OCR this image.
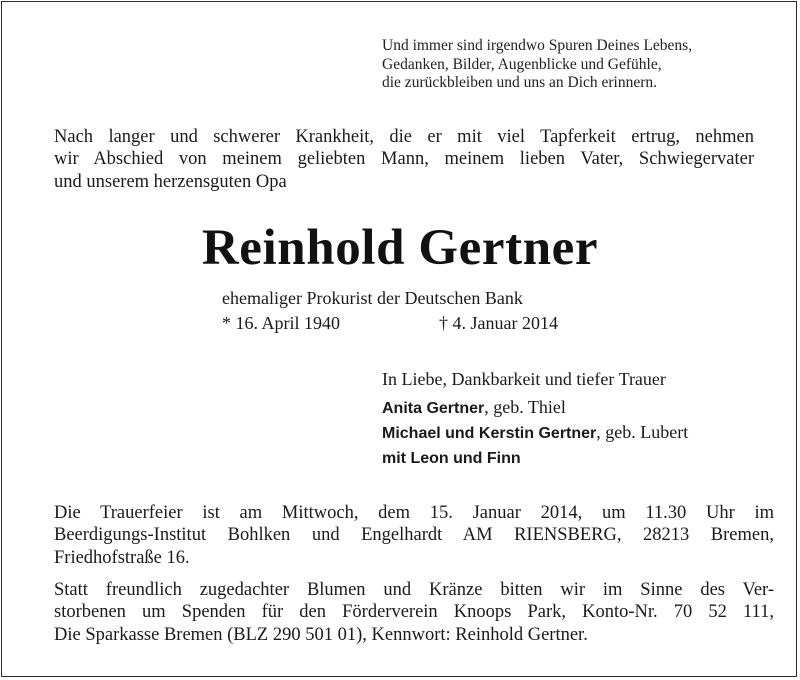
Und immer sind irgendwo Spuren Deines Lebens,
Gedanken, Bilder, Augenblicke und Gefühle,
die zurückbleiben und uns an Dich erinnern.
Nach langer und schwerer Krankheit, die er mit viel Tapferkeit ertrug, nehmen
wir Abschied von meinem geliebten Mann, meinem lieben Vater, Schwiegervater
und unserem herzensguten Opa
Reinhold Gertner
ehemaliger Prokurist der Deutschen Bank
* 16. April 1940	† 4. Januar 2014
In Liebe, Dankbarkeit und tiefer Trauer
Anita Gertner, geb. Thiel
Michael und Kerstin Gertner, geb. Lubert
mit Leon und Finn
Die Trauerfeier ist am Mittwoch, dem 15. Januar 2014, um 11.30 Uhr im
Beerdigungs-Institut Bohlken und Engelhardt AM RIENSBERG, 28213 Bremen,
Friedhofstraße 16.
Statt freundlich zugedachter Blumen und Kränze bitten wir im Sinne des Ver-
storbenen um Spenden für den Förderverein Knoops Park, Konto-Nr. 70 52 111,
Die Sparkasse Bremen (BLZ 290 501 01), Kennwort: Reinhold Gertner.
